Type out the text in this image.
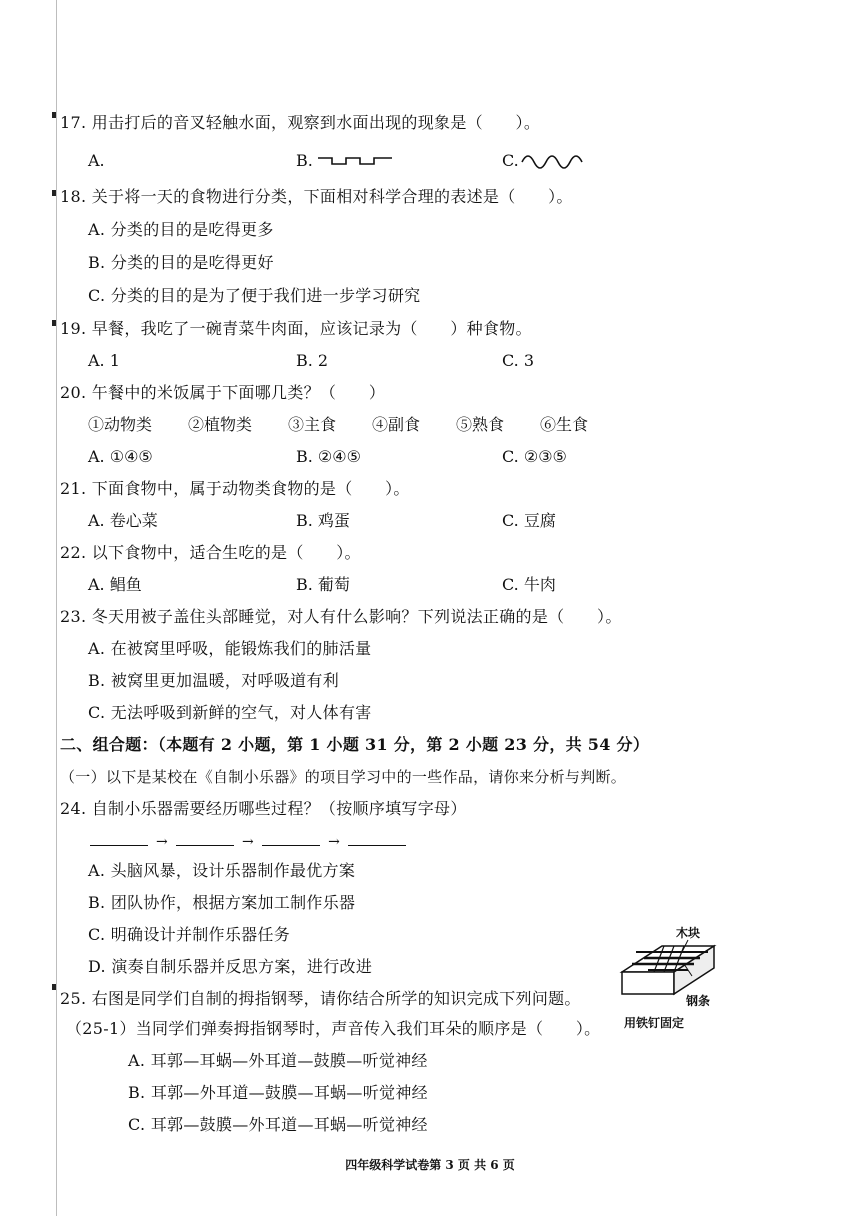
17. 用击打后的音叉轻触水面，观察到水面出现的现象是（　　）。
A.	B.	C.
18. 关于将一天的食物进行分类，下面相对科学合理的表述是（　　）。
A. 分类的目的是吃得更多
B. 分类的目的是吃得更好
C. 分类的目的是为了便于我们进一步学习研究
19. 早餐，我吃了一碗青菜牛肉面，应该记录为（　　）种食物。
A. 1	B. 2	C. 3
20. 午餐中的米饭属于下面哪几类？（　　）
①动物类 ②植物类 ③主食 ④副食 ⑤熟食 ⑥生食
A. ①④⑤	B. ②④⑤	C. ②③⑤
21. 下面食物中，属于动物类食物的是（　　）。
A. 卷心菜	B. 鸡蛋	C. 豆腐
22. 以下食物中，适合生吃的是（　　）。
A. 鲳鱼	B. 葡萄	C. 牛肉
23. 冬天用被子盖住头部睡觉，对人有什么影响？下列说法正确的是（　　）。
A. 在被窝里呼吸，能锻炼我们的肺活量
B. 被窝里更加温暖，对呼吸道有利
C. 无法呼吸到新鲜的空气，对人体有害
二、组合题：（本题有 2 小题，第 1 小题 31 分，第 2 小题 23 分，共 54 分）
（一）以下是某校在《自制小乐器》的项目学习中的一些作品，请你来分析与判断。
24. 自制小乐器需要经历哪些过程？（按顺序填写字母）
→	→	→
A. 头脑风暴，设计乐器制作最优方案
B. 团队协作，根据方案加工制作乐器
C. 明确设计并制作乐器任务
D. 演奏自制乐器并反思方案，进行改进
25. 右图是同学们自制的拇指钢琴，请你结合所学的知识完成下列问题。
（25-1）当同学们弹奏拇指钢琴时，声音传入我们耳朵的顺序是（　　）。
A. 耳郭—耳蜗—外耳道—鼓膜—听觉神经
B. 耳郭—外耳道—鼓膜—耳蜗—听觉神经
C. 耳郭—鼓膜—外耳道—耳蜗—听觉神经
木块
钢条
用铁钉固定
四年级科学试卷第 3 页 共 6 页
